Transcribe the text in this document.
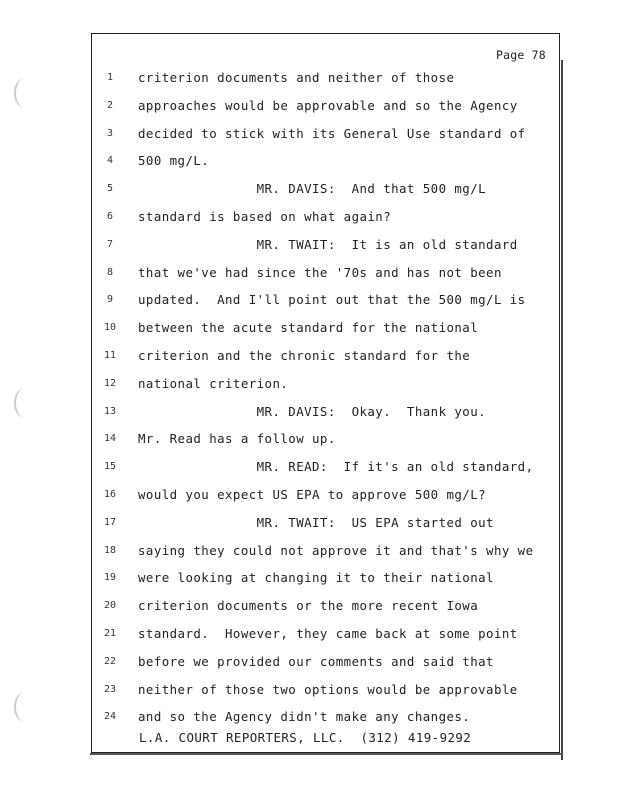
Page 78
1	criterion documents and neither of those
2	approaches would be approvable and so the Agency
3	decided to stick with its General Use standard of
4	500 mg/L.
5	MR. DAVIS:  And that 500 mg/L
6	standard is based on what again?
7	MR. TWAIT:  It is an old standard
8	that we've had since the '70s and has not been
9	updated.  And I'll point out that the 500 mg/L is
10	between the acute standard for the national
11	criterion and the chronic standard for the
12	national criterion.
13	MR. DAVIS:  Okay.  Thank you.
14	Mr. Read has a follow up.
15	MR. READ:  If it's an old standard,
16	would you expect US EPA to approve 500 mg/L?
17	MR. TWAIT:  US EPA started out
18	saying they could not approve it and that's why we
19	were looking at changing it to their national
20	criterion documents or the more recent Iowa
21	standard.  However, they came back at some point
22	before we provided our comments and said that
23	neither of those two options would be approvable
24	and so the Agency didn't make any changes.
L.A. COURT REPORTERS, LLC.  (312) 419-9292
